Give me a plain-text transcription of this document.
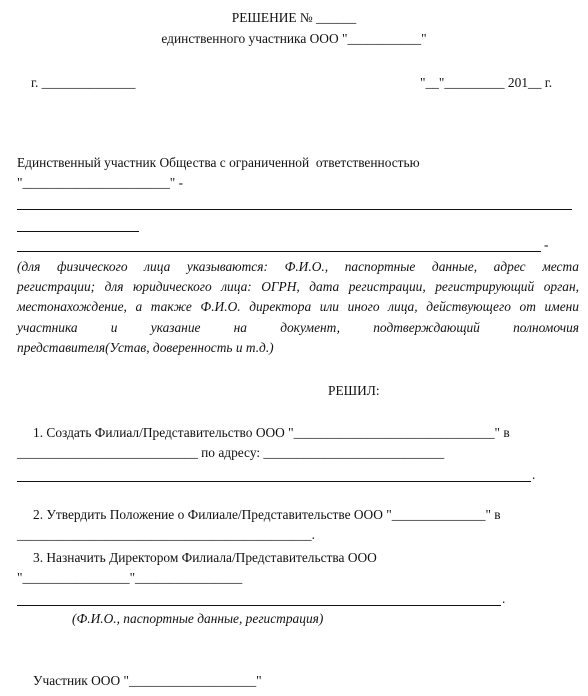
РЕШЕНИЕ № ______
единственного участника ООО "___________"
г. ______________	"__"_________ 201__ г.
Единственный участник Общества с ограниченной  ответственностью
"______________________" -
-
(для физического лица указываются: Ф.И.О., паспортные данные, адрес места
регистрации; для юридического лица: ОГРН, дата регистрации, регистрирующий орган,
местонахождение, а также Ф.И.О. директора или иного лица, действующего от имени
участника и указание на документ, подтверждающий полномочия
представителя(Устав, доверенность и т.д.)
РЕШИЛ:
1. Создать Филиал/Представительство ООО "______________________________" в
___________________________ по адресу: ___________________________
.
2. Утвердить Положение о Филиале/Представительстве ООО "______________" в
____________________________________________.
3. Назначить Директором Филиала/Представительства ООО
"________________"________________
.
(Ф.И.О., паспортные данные, регистрация)
Участник ООО "___________________"
